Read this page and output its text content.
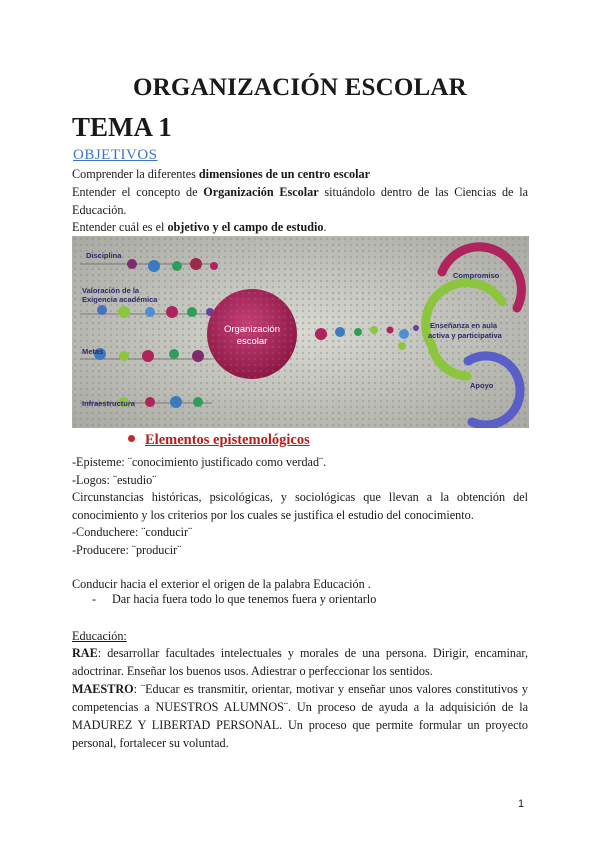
ORGANIZACIÓN ESCOLAR
TEMA 1
OBJETIVOS
Comprender la diferentes dimensiones de un centro escolar
Entender el concepto de Organización Escolar situándolo dentro de las Ciencias de la Educación.
Entender cuál es el objetivo y el campo de estudio.
Organización
escolar
Disciplina
Valoración de la
Exigencia académica
Metas
Infraestructura
Compromiso
Enseñanza en aula
activa y participativa
Apoyo
Elementos epistemológicos
-Episteme: ¨conocimiento justificado como verdad¨.
-Logos: ¨estudio¨
Circunstancias históricas, psicológicas, y sociológicas que llevan a la obtención del conocimiento y los criterios por los cuales se justifica el estudio del conocimiento.
-Conduchere: ¨conducir¨
-Producere: ¨producir¨
Conducir hacia el exterior el origen de la palabra Educación .
- Dar hacia fuera todo lo que tenemos fuera y orientarlo
Educación:
RAE: desarrollar facultades intelectuales y morales de una persona. Dirigir, encaminar, adoctrinar. Enseñar los buenos usos. Adiestrar o perfeccionar los sentidos.
MAESTRO: ¨Educar es transmitir, orientar, motivar y enseñar unos valores constitutivos y competencias a NUESTROS ALUMNOS¨. Un proceso de ayuda a la adquisición de la MADUREZ Y LIBERTAD PERSONAL. Un proceso que permite formular un proyecto personal, fortalecer su voluntad.
1
